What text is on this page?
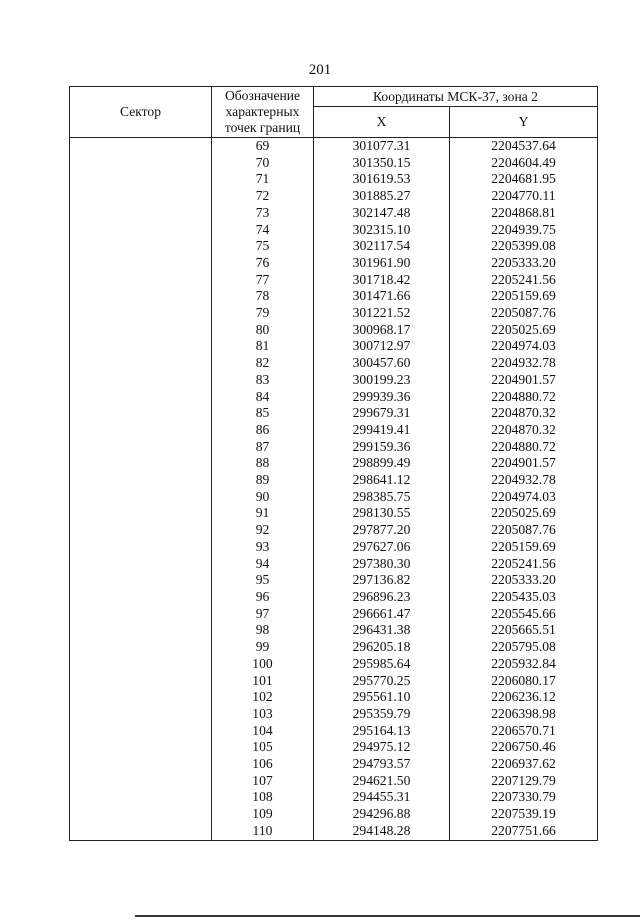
201
Сектор	Обозначение характерных точек границ	Координаты МСК-37, зона 2	
		X	Y
	69	301077.31	2204537.64
	70	301350.15	2204604.49
	71	301619.53	2204681.95
	72	301885.27	2204770.11
	73	302147.48	2204868.81
	74	302315.10	2204939.75
	75	302117.54	2205399.08
	76	301961.90	2205333.20
	77	301718.42	2205241.56
	78	301471.66	2205159.69
	79	301221.52	2205087.76
	80	300968.17	2205025.69
	81	300712.97	2204974.03
	82	300457.60	2204932.78
	83	300199.23	2204901.57
	84	299939.36	2204880.72
	85	299679.31	2204870.32
	86	299419.41	2204870.32
	87	299159.36	2204880.72
	88	298899.49	2204901.57
	89	298641.12	2204932.78
	90	298385.75	2204974.03
	91	298130.55	2205025.69
	92	297877.20	2205087.76
	93	297627.06	2205159.69
	94	297380.30	2205241.56
	95	297136.82	2205333.20
	96	296896.23	2205435.03
	97	296661.47	2205545.66
	98	296431.38	2205665.51
	99	296205.18	2205795.08
	100	295985.64	2205932.84
	101	295770.25	2206080.17
	102	295561.10	2206236.12
	103	295359.79	2206398.98
	104	295164.13	2206570.71
	105	294975.12	2206750.46
	106	294793.57	2206937.62
	107	294621.50	2207129.79
	108	294455.31	2207330.79
	109	294296.88	2207539.19
	110	294148.28	2207751.66
